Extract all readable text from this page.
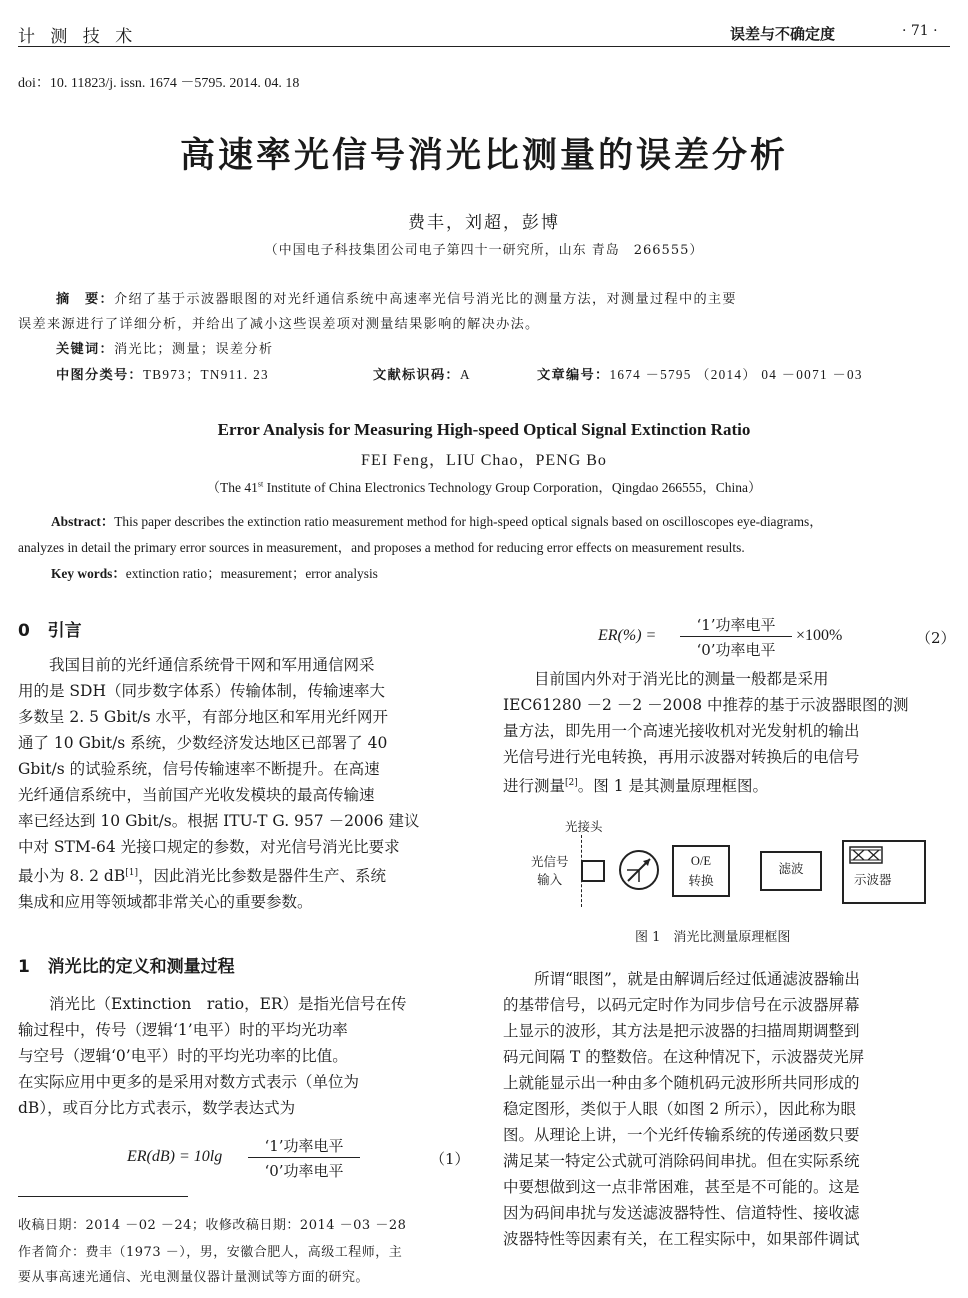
计 测 技 术	误差与不确定度	· 71 ·
doi：10. 11823/j. issn. 1674 －5795. 2014. 04. 18
高速率光信号消光比测量的误差分析
费丰，刘超，彭博
（中国电子科技集团公司电子第四十一研究所，山东 青岛　266555）
摘　要：介绍了基于示波器眼图的对光纤通信系统中高速率光信号消光比的测量方法，对测量过程中的主要
误差来源进行了详细分析，并给出了减小这些误差项对测量结果影响的解决办法。
关键词：消光比；测量；误差分析
中图分类号：TB973；TN911. 23	文献标识码：A	文章编号：1674 －5795 （2014） 04 －0071 －03
Error Analysis for Measuring High-speed Optical Signal Extinction Ratio
FEI Feng，LIU Chao，PENG Bo
（The 41st Institute of China Electronics Technology Group Corporation，Qingdao 266555，China）
Abstract：This paper describes the extinction ratio measurement method for high-speed optical signals based on oscilloscopes eye-diagrams，
analyzes in detail the primary error sources in measurement，and proposes a method for reducing error effects on measurement results.
Key words：extinction ratio；measurement；error analysis
0 引言

　　我国目前的光纤通信系统骨干网和军用通信网采

用的是 SDH（同步数字体系）传输体制，传输速率大

多数呈 2. 5 Gbit/s 水平，有部分地区和军用光纤网开

通了 10 Gbit/s 系统，少数经济发达地区已部署了 40

Gbit/s 的试验系统，信号传输速率不断提升。在高速

光纤通信系统中，当前国产光收发模块的最高传输速

率已经达到 10 Gbit/s。根据 ITU-T G. 957 －2006 建议

中对 STM-64 光接口规定的参数，对光信号消光比要求

最小为 8. 2 dB[1]，因此消光比参数是器件生产、系统

集成和应用等领域都非常关心的重要参数。

1 消光比的定义和测量过程

　　消光比（Extinction　ratio，ER）是指光信号在传

输过程中，传号（逻辑‘1’电平）时的平均光功率

与空号（逻辑‘0’电平）时的平均光功率的比值。

在实际应用中更多的是采用对数方式表示（单位为

dB），或百分比方式表示，数学表达式为

ER(dB) = 10lg
‘1’功率电平
‘0’功率电平
（1）
收稿日期：2014 －02 －24；收修改稿日期：2014 －03 －28
作者简介：费丰（1973 －），男，安徽合肥人，高级工程师，主
要从事高速光通信、光电测量仪器计量测试等方面的研究。
ER(%) =
‘1’功率电平
‘0’功率电平
×100%	（2）

　　目前国内外对于消光比的测量一般都是采用

IEC61280 －2 －2 －2008 中推荐的基于示波器眼图的测

量方法，即先用一个高速光接收机对光发射机的输出

光信号进行光电转换，再用示波器对转换后的电信号

进行测量[2]。图 1 是其测量原理框图。

光接头
光信号
输入
O/E
转换
滤波
示波器
图 1　消光比测量原理框图

　　所谓“眼图”，就是由解调后经过低通滤波器输出

的基带信号，以码元定时作为同步信号在示波器屏幕

上显示的波形，其方法是把示波器的扫描周期调整到

码元间隔 T 的整数倍。在这种情况下，示波器荧光屏

上就能显示出一种由多个随机码元波形所共同形成的

稳定图形，类似于人眼（如图 2 所示），因此称为眼

图。从理论上讲，一个光纤传输系统的传递函数只要

满足某一特定公式就可消除码间串扰。但在实际系统

中要想做到这一点非常困难，甚至是不可能的。这是

因为码间串扰与发送滤波器特性、信道特性、接收滤

波器特性等因素有关，在工程实际中，如果部件调试
